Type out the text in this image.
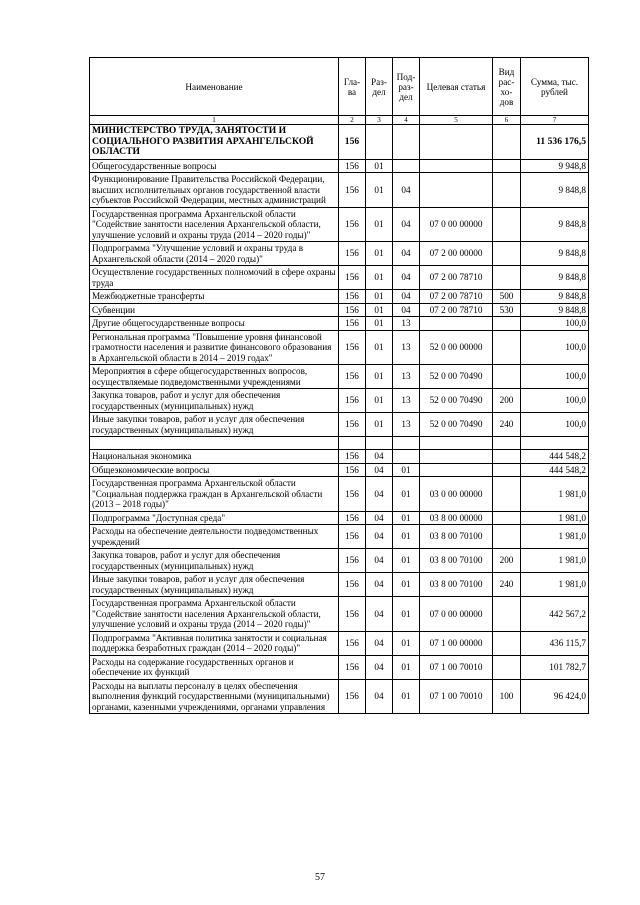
Наименование	Гла-ва	Раз-дел	Под-раз-дел	Целевая статья	Вид рас-хо-дов	Сумма, тыс. рублей
1	2	3	4	5	6	7
МИНИСТЕРСТВО ТРУДА, ЗАНЯТОСТИ И СОЦИАЛЬНОГО РАЗВИТИЯ АРХАНГЕЛЬСКОЙ ОБЛАСТИ	156					11 536 176,5
Общегосударственные вопросы	156	01				9 948,8
Функционирование Правительства Российской Федерации, высших исполнительных органов государственной власти субъектов Российской Федерации, местных администраций	156	01	04			9 848,8
Государственная программа Архангельской области "Содействие занятости населения Архангельской области, улучшение условий и охраны труда (2014 – 2020 годы)"	156	01	04	07 0 00 00000		9 848,8
Подпрограмма "Улучшение условий и охраны труда в Архангельской области (2014 – 2020 годы)"	156	01	04	07 2 00 00000		9 848,8
Осуществление государственных полномочий в сфере охраны труда	156	01	04	07 2 00 78710		9 848,8
Межбюджетные трансферты	156	01	04	07 2 00 78710	500	9 848,8
Субвенции	156	01	04	07 2 00 78710	530	9 848,8
Другие общегосударственные вопросы	156	01	13			100,0
Региональная программа "Повышение уровня финансовой грамотности населения и развитие финансового образования в Архангельской области в 2014 – 2019 годах"	156	01	13	52 0 00 00000		100,0
Мероприятия в сфере общегосударственных вопросов, осуществляемые подведомственными учреждениями	156	01	13	52 0 00 70490		100,0
Закупка товаров, работ и услуг для обеспечения государственных (муниципальных) нужд	156	01	13	52 0 00 70490	200	100,0
Иные закупки товаров, работ и услуг для обеспечения государственных (муниципальных) нужд	156	01	13	52 0 00 70490	240	100,0

Национальная экономика	156	04				444 548,2
Общеэкономические вопросы	156	04	01			444 548,2
Государственная программа Архангельской области "Социальная поддержка граждан в Архангельской области (2013 – 2018 годы)"	156	04	01	03 0 00 00000		1 981,0
Подпрограмма "Доступная среда"	156	04	01	03 8 00 00000		1 981,0
Расходы на обеспечение деятельности подведомственных учреждений	156	04	01	03 8 00 70100		1 981,0
Закупка товаров, работ и услуг для обеспечения государственных (муниципальных) нужд	156	04	01	03 8 00 70100	200	1 981,0
Иные закупки товаров, работ и услуг для обеспечения государственных (муниципальных) нужд	156	04	01	03 8 00 70100	240	1 981,0
Государственная программа Архангельской области "Содействие занятости населения Архангельской области, улучшение условий и охраны труда (2014 – 2020 годы)"	156	04	01	07 0 00 00000		442 567,2
Подпрограмма "Активная политика занятости и социальная поддержка безработных граждан (2014 – 2020 годы)"	156	04	01	07 1 00 00000		436 115,7
Расходы на содержание государственных органов и обеспечение их функций	156	04	01	07 1 00 70010		101 782,7
Расходы на выплаты персоналу в целях обеспечения выполнения функций государственными (муниципальными) органами, казенными учреждениями, органами управления	156	04	01	07 1 00 70010	100	96 424,0
57
